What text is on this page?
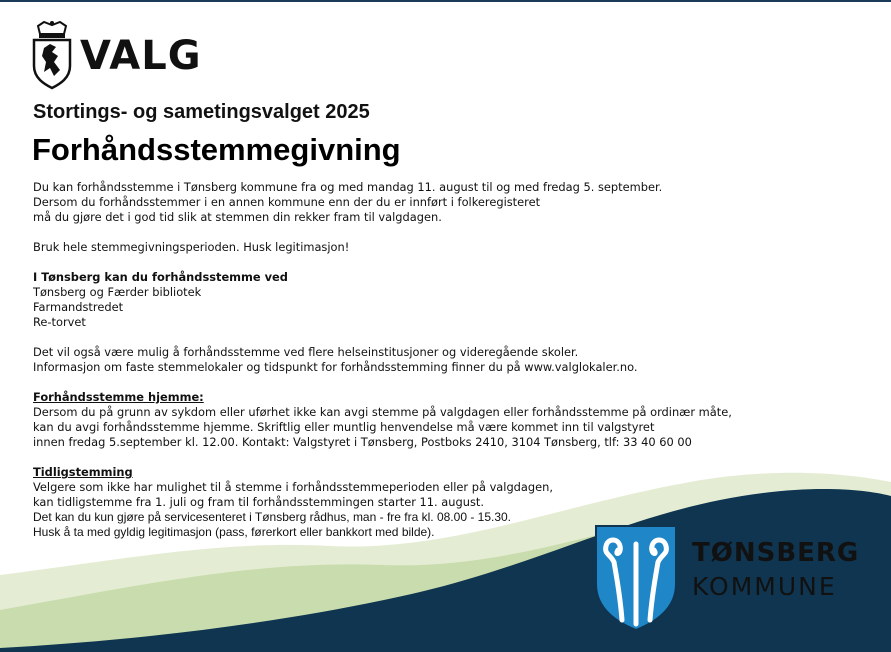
VALG
Stortings- og sametingsvalget 2025
Forhåndsstemmegivning

Du kan forhåndsstemme i Tønsberg kommune fra og med mandag 11. august til og med fredag 5. september.

Dersom du forhåndsstemmer i en annen kommune enn der du er innført i folkeregisteret

må du gjøre det i god tid slik at stemmen din rekker fram til valgdagen.

Bruk hele stemmegivningsperioden. Husk legitimasjon!

I Tønsberg kan du forhåndsstemme ved

Tønsberg og Færder bibliotek

Farmandstredet

Re-torvet

Det vil også være mulig å forhåndsstemme ved flere helseinstitusjoner og videregående skoler.

Informasjon om faste stemmelokaler og tidspunkt for forhåndsstemming finner du på www.valglokaler.no.

Forhåndsstemme hjemme:

Dersom du på grunn av sykdom eller uførhet ikke kan avgi stemme på valgdagen eller forhåndsstemme på ordinær måte,

kan du avgi forhåndsstemme hjemme. Skriftlig eller muntlig henvendelse må være kommet inn til valgstyret

innen fredag 5.september kl. 12.00. Kontakt: Valgstyret i Tønsberg, Postboks 2410, 3104 Tønsberg, tlf: 33 40 60 00

Tidligstemming

Velgere som ikke har mulighet til å stemme i forhåndsstemmeperioden eller på valgdagen,

kan tidligstemme fra 1. juli og fram til forhåndsstemmingen starter 11. august.

Det kan du kun gjøre på servicesenteret i Tønsberg rådhus, man - fre fra kl. 08.00 - 15.30.

Husk å ta med gyldig legitimasjon (pass, førerkort eller bankkort med bilde).

TØNSBERG
KOMMUNE
